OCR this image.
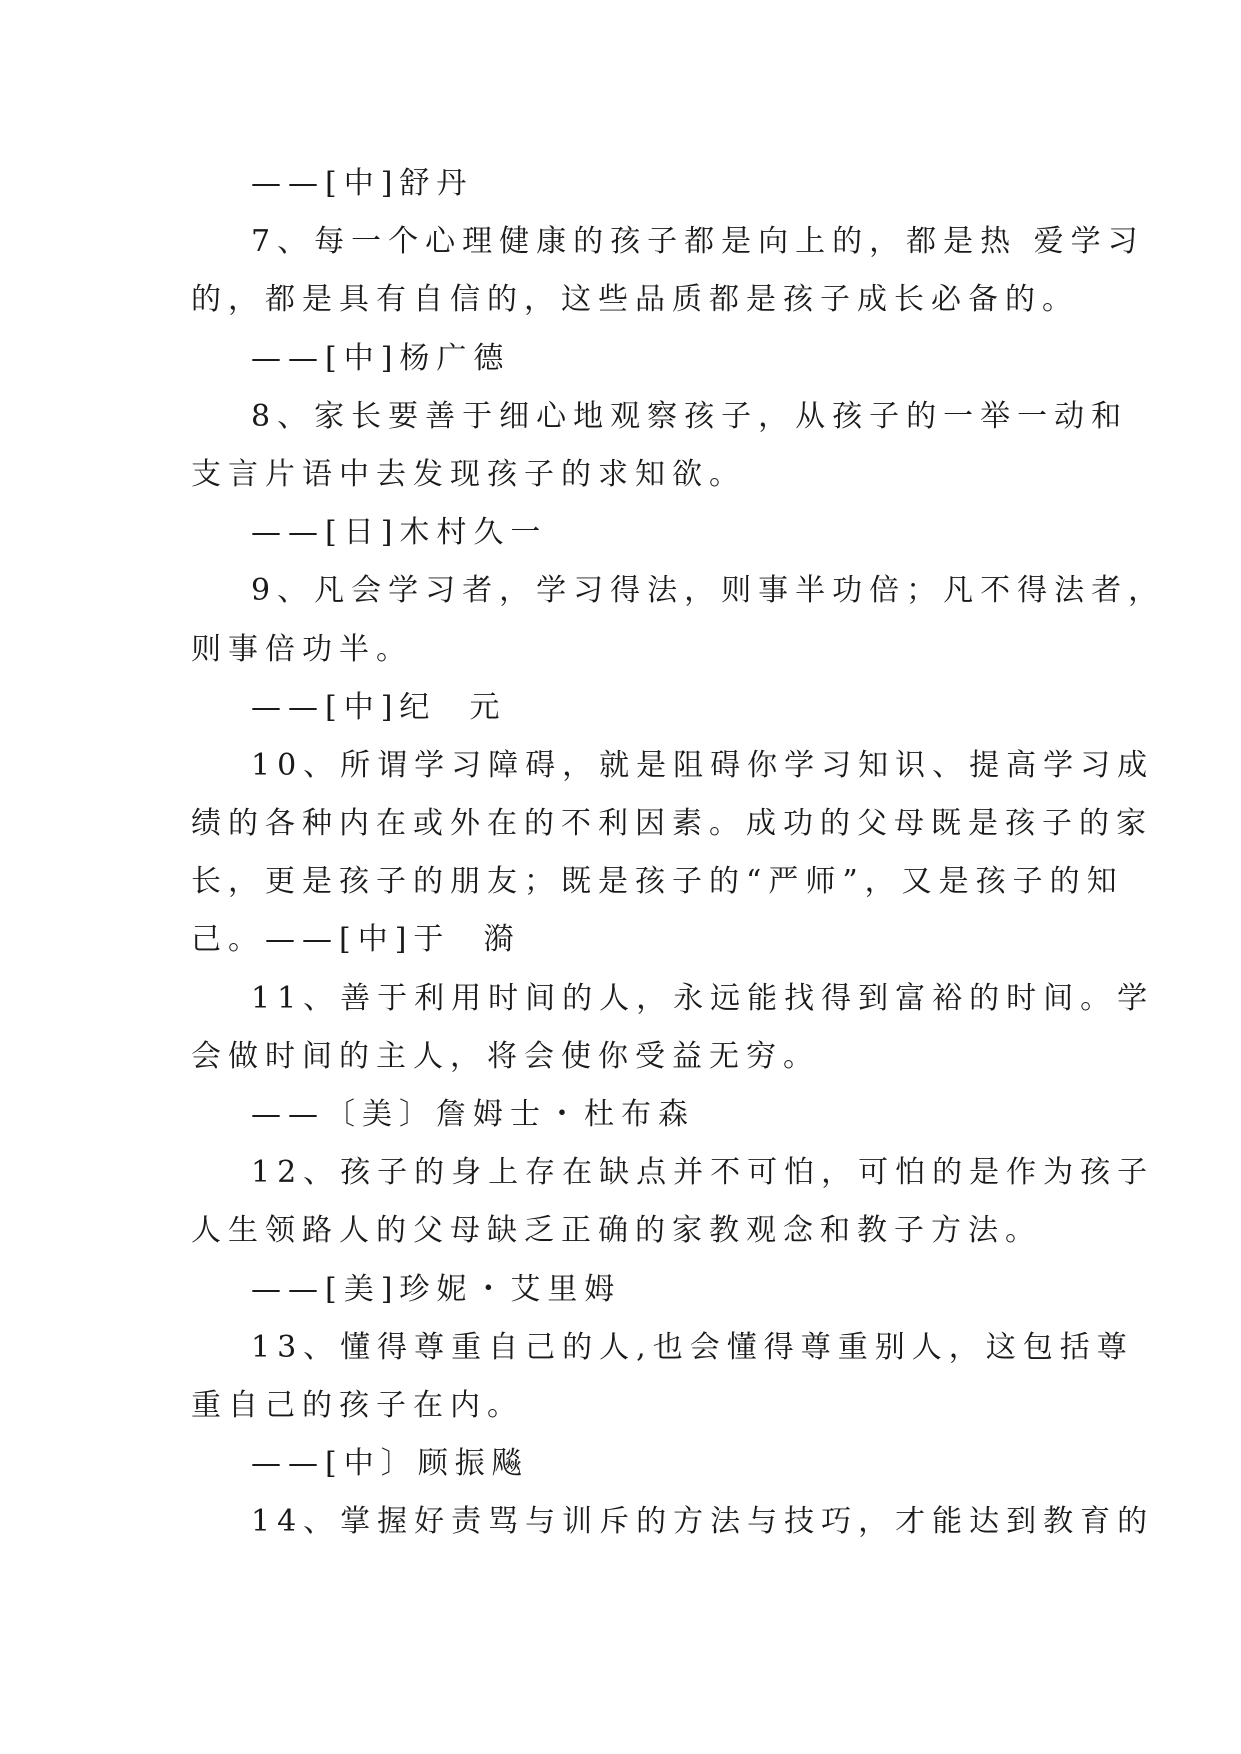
——[中]舒丹
7、每一个心理健康的孩子都是向上的，都是热 爱学习
的，都是具有自信的，这些品质都是孩子成长必备的。
——[中]杨广德
8、家长要善于细心地观察孩子，从孩子的一举一动和
支言片语中去发现孩子的求知欲。
——[日]木村久一
9、凡会学习者，学习得法，则事半功倍；凡不得法者，
则事倍功半。
——[中]纪  元
10、所谓学习障碍，就是阻碍你学习知识、提高学习成
绩的各种内在或外在的不利因素。成功的父母既是孩子的家
长，更是孩子的朋友；既是孩子的“严师”，又是孩子的知
己。——[中]于  漪
11、善于利用时间的人，永远能找得到富裕的时间。学
会做时间的主人，将会使你受益无穷。
——〔美〕詹姆士・杜布森
12、孩子的身上存在缺点并不可怕，可怕的是作为孩子
人生领路人的父母缺乏正确的家教观念和教子方法。
——[美]珍妮・艾里姆
13、懂得尊重自己的人,也会懂得尊重别人，这包括尊
重自己的孩子在内。
——[中〕顾振飚
14、掌握好责骂与训斥的方法与技巧，才能达到教育的
